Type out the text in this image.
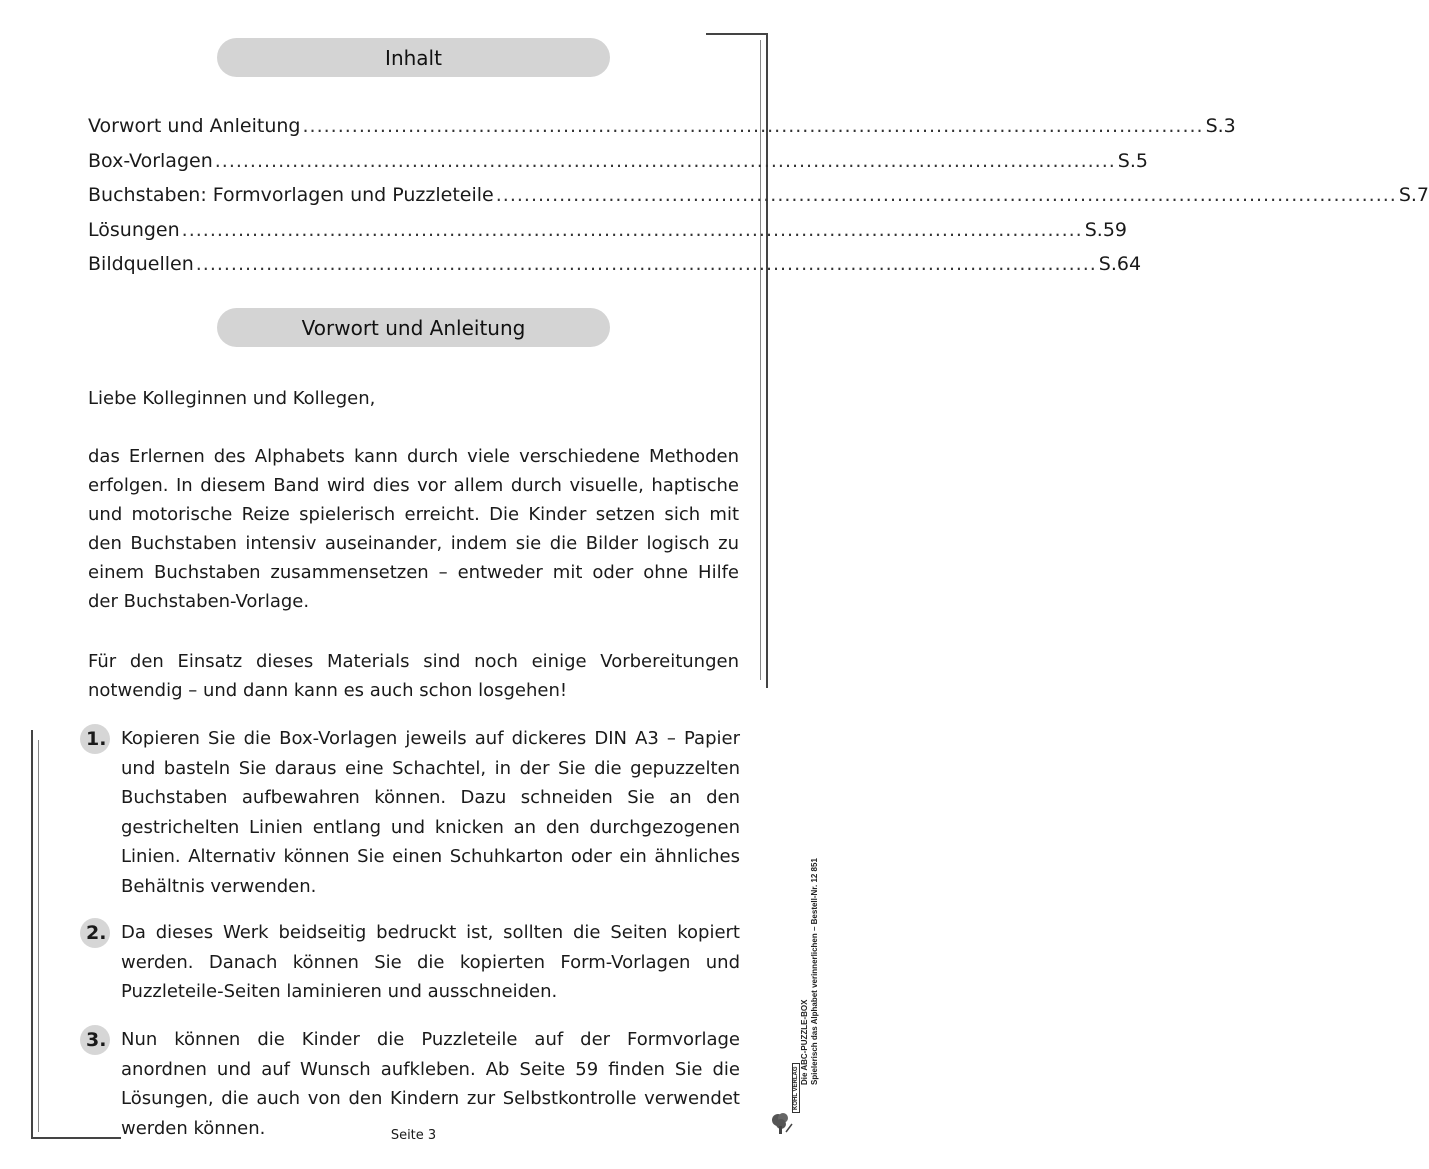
Inhalt
Vorwort und Anleitung ................................................................................................................................ S. 3
Box-Vorlagen ................................................................................................................................ S. 5
Buchstaben: Formvorlagen und Puzzleteile ................................................................................................................................ S. 7
Lösungen ................................................................................................................................ S. 59
Bildquellen ................................................................................................................................ S. 64
Vorwort und Anleitung

Liebe Kolleginnen und Kollegen,

das Erlernen des Alphabets kann durch viele verschiedene Methoden erfolgen. In diesem Band wird dies vor allem durch visuelle, haptische und motorische Reize spielerisch erreicht. Die Kinder setzen sich mit den Buchstaben intensiv auseinander, indem sie die Bilder logisch zu einem Buchstaben zusammensetzen – entweder mit oder ohne Hilfe der Buchstaben-Vorlage.

Für den Einsatz dieses Materials sind noch einige Vorbereitungen notwendig – und dann kann es auch schon losgehen!

1. Kopieren Sie die Box-Vorlagen jeweils auf dickeres DIN A3 – Papier und basteln Sie daraus eine Schachtel, in der Sie die gepuzzelten Buchstaben aufbewahren können. Dazu schneiden Sie an den gestrichelten Linien entlang und knicken an den durchgezogenen Linien. Alternativ können Sie einen Schuhkarton oder ein ähnliches Behältnis verwenden.

2. Da dieses Werk beidseitig bedruckt ist, sollten die Seiten kopiert werden. Danach können Sie die kopierten Form-Vorlagen und Puzzleteile-Seiten laminieren und ausschneiden.

3. Nun können die Kinder die Puzzleteile auf der Formvorlage anordnen und auf Wunsch aufkleben. Ab Seite 59 finden Sie die Lösungen, die auch von den Kindern zur Selbstkontrolle verwendet werden können.

Die ABC-PUZZLE-BOX Spielerisch das Alphabet verinnerlichen – Bestell-Nr. 12 851
KOHL VERLAG
Seite 3
